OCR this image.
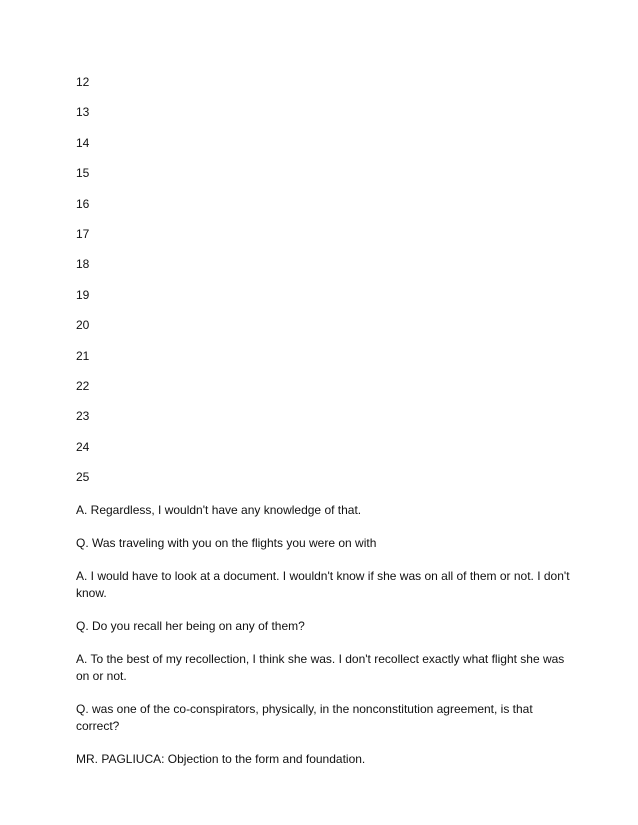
12
13
14
15
16
17
18
19
20
21
22
23
24
25

A. Regardless, I wouldn't have any knowledge of that.

Q. Was traveling with you on the flights you were on with

A. I would have to look at a document. I wouldn't know if she was on all of them or not. I don't know.

Q. Do you recall her being on any of them?

A. To the best of my recollection, I think she was. I don't recollect exactly what flight she was on or not.

Q. was one of the co-conspirators, physically, in the nonconstitution agreement, is that correct?

MR. PAGLIUCA: Objection to the form and foundation.
